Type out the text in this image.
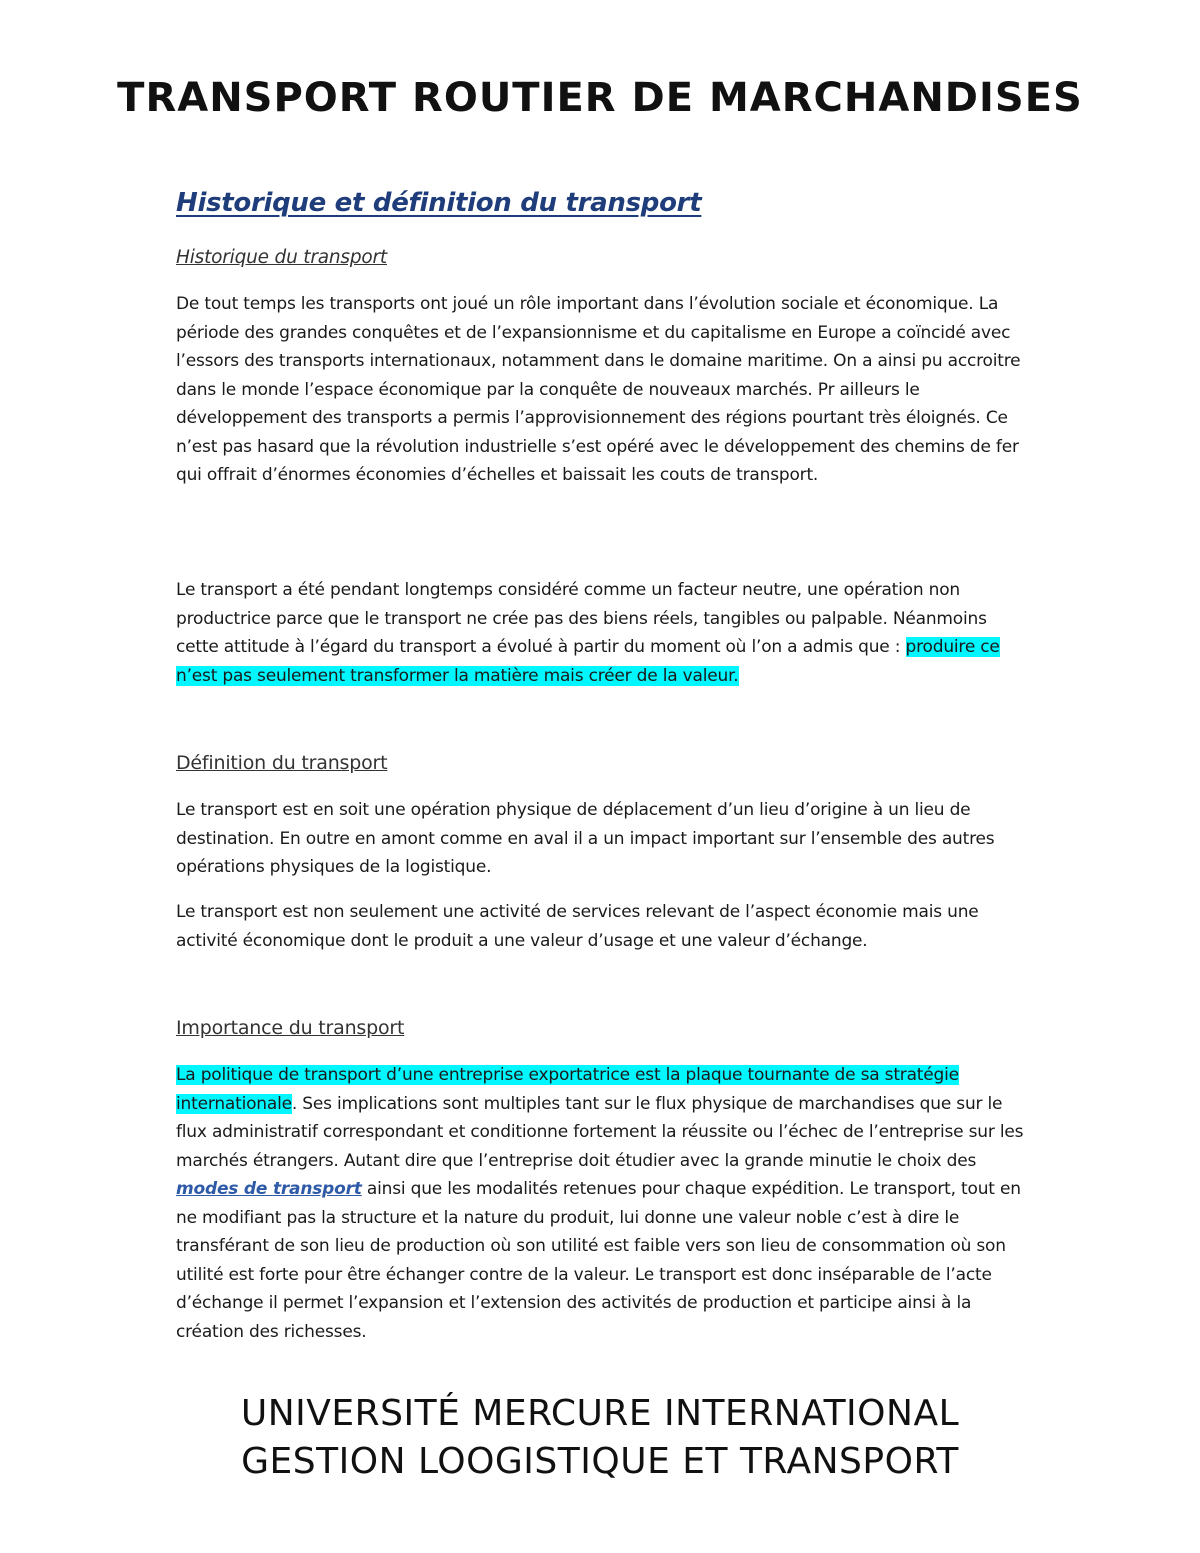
TRANSPORT ROUTIER DE MARCHANDISES
Historique et définition du transport

Historique du transport

De tout temps les transports ont joué un rôle important dans l’évolution sociale et économique. La période des grandes conquêtes et de l’expansionnisme et du capitalisme en Europe a coïncidé avec l’essors des transports internationaux, notamment dans le domaine maritime. On a ainsi pu accroitre dans le monde l’espace économique par la conquête de nouveaux marchés. Pr ailleurs le développement des transports a permis l’approvisionnement des régions pourtant très éloignés. Ce n’est pas hasard que la révolution industrielle s’est opéré avec le développement des chemins de fer qui offrait d’énormes économies d’échelles et baissait les couts de transport.

Le transport a été pendant longtemps considéré comme un facteur neutre, une opération non productrice parce que le transport ne crée pas des biens réels, tangibles ou palpable. Néanmoins cette attitude à l’égard du transport a évolué à partir du moment où l’on a admis que : produire ce n’est pas seulement transformer la matière mais créer de la valeur.

Définition du transport

Le transport est en soit une opération physique de déplacement d’un lieu d’origine à un lieu de destination. En outre en amont comme en aval il a un impact important sur l’ensemble des autres opérations physiques de la logistique.

Le transport est non seulement une activité de services relevant de l’aspect économie mais une activité économique dont le produit a une valeur d’usage et une valeur d’échange.

Importance du transport

La politique de transport d’une entreprise exportatrice est la plaque tournante de sa stratégie internationale. Ses implications sont multiples tant sur le flux physique de marchandises que sur le flux administratif correspondant et conditionne fortement la réussite ou l’échec de l’entreprise sur les marchés étrangers. Autant dire que l’entreprise doit étudier avec la grande minutie le choix des modes de transport ainsi que les modalités retenues pour chaque expédition. Le transport, tout en ne modifiant pas la structure et la nature du produit, lui donne une valeur noble c’est à dire le transférant de son lieu de production où son utilité est faible vers son lieu de consommation où son utilité est forte pour être échanger contre de la valeur. Le transport est donc inséparable de l’acte d’échange il permet l’expansion et l’extension des activités de production et participe ainsi à la création des richesses.

UNIVERSITÉ MERCURE INTERNATIONAL
GESTION LOOGISTIQUE ET TRANSPORT
